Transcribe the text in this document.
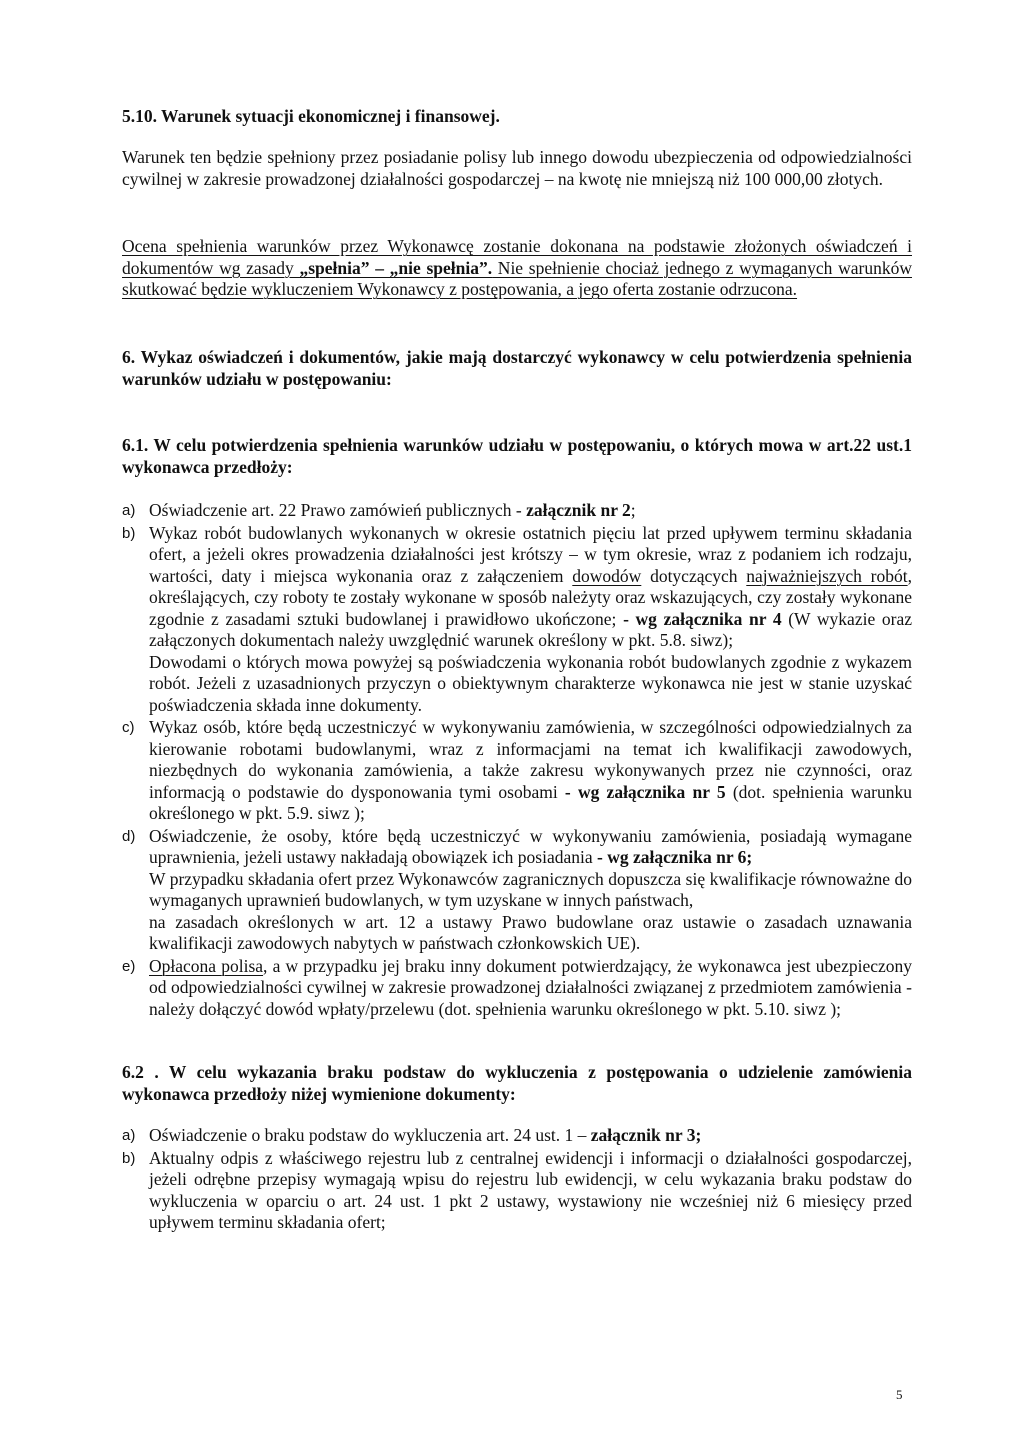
5.10. Warunek sytuacji ekonomicznej i finansowej.
Warunek ten będzie spełniony przez posiadanie polisy lub innego dowodu ubezpieczenia od odpowiedzialności cywilnej w zakresie prowadzonej działalności gospodarczej – na kwotę nie mniejszą niż 100 000,00 złotych.
Ocena spełnienia warunków przez Wykonawcę zostanie dokonana na podstawie złożonych oświadczeń i dokumentów wg zasady „spełnia” – „nie spełnia”. Nie spełnienie chociaż jednego z wymaganych warunków skutkować będzie wykluczeniem Wykonawcy z postępowania, a jego oferta zostanie odrzucona.
6. Wykaz oświadczeń i dokumentów, jakie mają dostarczyć wykonawcy w celu potwierdzenia spełnienia warunków udziału w postępowaniu:
6.1. W celu potwierdzenia spełnienia warunków udziału w postępowaniu, o których mowa w art.22 ust.1 wykonawca przedłoży:

a) Oświadczenie art. 22 Prawo zamówień publicznych - załącznik nr 2;

b) Wykaz robót budowlanych wykonanych w okresie ostatnich pięciu lat przed upływem terminu składania ofert, a jeżeli okres prowadzenia działalności jest krótszy – w tym okresie, wraz z podaniem ich rodzaju, wartości, daty i miejsca wykonania oraz z załączeniem dowodów dotyczących najważniejszych robót, określających, czy roboty te zostały wykonane w sposób należyty oraz wskazujących, czy zostały wykonane zgodnie z zasadami sztuki budowlanej i prawidłowo ukończone; - wg załącznika nr 4 (W wykazie oraz załączonych dokumentach należy uwzględnić warunek określony w pkt. 5.8. siwz);
Dowodami o których mowa powyżej są poświadczenia wykonania robót budowlanych zgodnie z wykazem robót. Jeżeli z uzasadnionych przyczyn o obiektywnym charakterze wykonawca nie jest w stanie uzyskać poświadczenia składa inne dokumenty.

c) Wykaz osób, które będą uczestniczyć w wykonywaniu zamówienia, w szczególności odpowiedzialnych za kierowanie robotami budowlanymi, wraz z informacjami na temat ich kwalifikacji zawodowych, niezbędnych do wykonania zamówienia, a także zakresu wykonywanych przez nie czynności, oraz informacją o podstawie do dysponowania tymi osobami - wg załącznika nr 5 (dot. spełnienia warunku określonego w pkt. 5.9. siwz );

d) Oświadczenie, że osoby, które będą uczestniczyć w wykonywaniu zamówienia, posiadają wymagane uprawnienia, jeżeli ustawy nakładają obowiązek ich posiadania - wg załącznika nr 6;
W przypadku składania ofert przez Wykonawców zagranicznych dopuszcza się kwalifikacje równoważne do wymaganych uprawnień budowlanych, w tym uzyskane w innych państwach,
na zasadach określonych w art. 12 a ustawy Prawo budowlane oraz ustawie o zasadach uznawania kwalifikacji zawodowych nabytych w państwach członkowskich UE).

e) Opłacona polisa, a w przypadku jej braku inny dokument potwierdzający, że wykonawca jest ubezpieczony od odpowiedzialności cywilnej w zakresie prowadzonej działalności związanej z przedmiotem zamówienia - należy dołączyć dowód wpłaty/przelewu (dot. spełnienia warunku określonego w pkt. 5.10. siwz );

6.2 . W celu wykazania braku podstaw do wykluczenia z postępowania o udzielenie zamówienia wykonawca przedłoży niżej wymienione dokumenty:

a) Oświadczenie o braku podstaw do wykluczenia art. 24 ust. 1 – załącznik nr 3;

b) Aktualny odpis z właściwego rejestru lub z centralnej ewidencji i informacji o działalności gospodarczej, jeżeli odrębne przepisy wymagają wpisu do rejestru lub ewidencji, w celu wykazania braku podstaw do wykluczenia w oparciu o art. 24 ust. 1 pkt 2 ustawy, wystawiony nie wcześniej niż 6 miesięcy przed upływem terminu składania ofert;

5
